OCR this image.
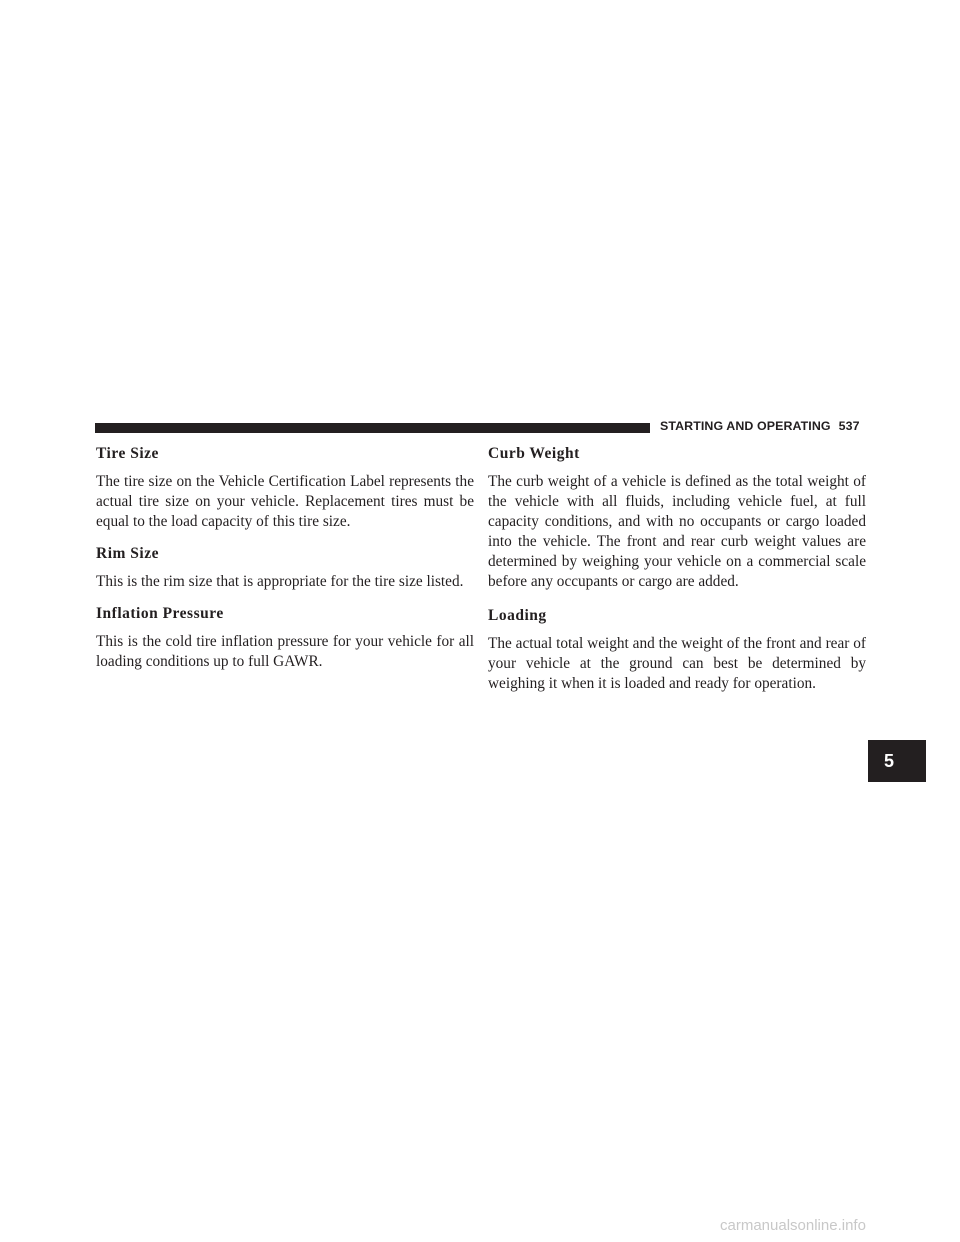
STARTING AND OPERATING 537
Tire Size

The tire size on the Vehicle Certification Label represents the actual tire size on your vehicle. Replacement tires must be equal to the load capacity of this tire size.

Rim Size

This is the rim size that is appropriate for the tire size listed.

Inflation Pressure

This is the cold tire inflation pressure for your vehicle for all loading conditions up to full GAWR.

Curb Weight

The curb weight of a vehicle is defined as the total weight of the vehicle with all fluids, including vehicle fuel, at full capacity conditions, and with no occupants or cargo loaded into the vehicle. The front and rear curb weight values are determined by weighing your vehicle on a commercial scale before any occupants or cargo are added.

Loading

The actual total weight and the weight of the front and rear of your vehicle at the ground can best be determined by weighing it when it is loaded and ready for operation.

5
carmanualsonline.info
